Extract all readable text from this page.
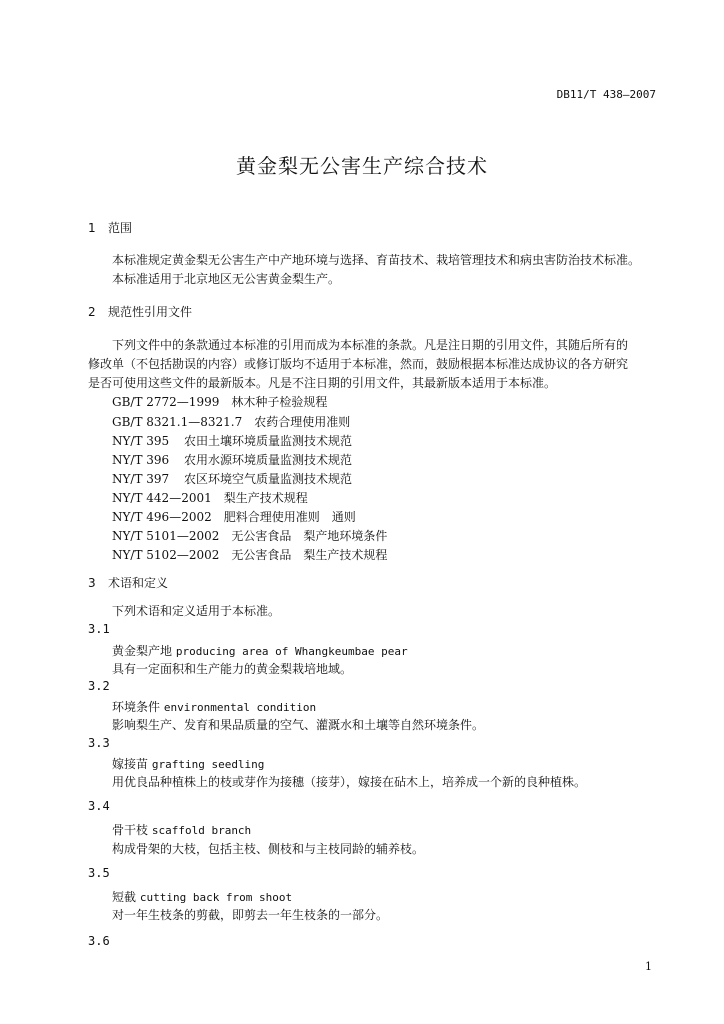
DB11/T 438—2007
黄金梨无公害生产综合技术
1 范围
本标准规定黄金梨无公害生产中产地环境与选择、育苗技术、栽培管理技术和病虫害防治技术标准。
本标准适用于北京地区无公害黄金梨生产。
2 规范性引用文件
下列文件中的条款通过本标准的引用而成为本标准的条款。凡是注日期的引用文件，其随后所有的
修改单（不包括勘误的内容）或修订版均不适用于本标准，然而，鼓励根据本标准达成协议的各方研究
是否可使用这些文件的最新版本。凡是不注日期的引用文件，其最新版本适用于本标准。
GB/T 2772—1999　 林木种子检验规程
GB/T 8321.1—8321.7　 农药合理使用准则
NY/T 395　 农田土壤环境质量监测技术规范
NY/T 396　 农用水源环境质量监测技术规范
NY/T 397　 农区环境空气质量监测技术规范
NY/T 442—2001　 梨生产技术规程
NY/T 496—2002　 肥料合理使用准则　通则
NY/T 5101—2002　 无公害食品　梨产地环境条件
NY/T 5102—2002　 无公害食品　梨生产技术规程
3 术语和定义
下列术语和定义适用于本标准。
3.1
黄金梨产地 producing area of Whangkeumbae pear
具有一定面积和生产能力的黄金梨栽培地域。
3.2
环境条件 environmental condition
影响梨生产、发育和果品质量的空气、灌溉水和土壤等自然环境条件。
3.3
嫁接苗 grafting seedling
用优良品种植株上的枝或芽作为接穗（接芽），嫁接在砧木上，培养成一个新的良种植株。
3.4
骨干枝 scaffold branch
构成骨架的大枝，包括主枝、侧枝和与主枝同龄的辅养枝。
3.5
短截 cutting back from shoot
对一年生枝条的剪截，即剪去一年生枝条的一部分。
3.6
1
